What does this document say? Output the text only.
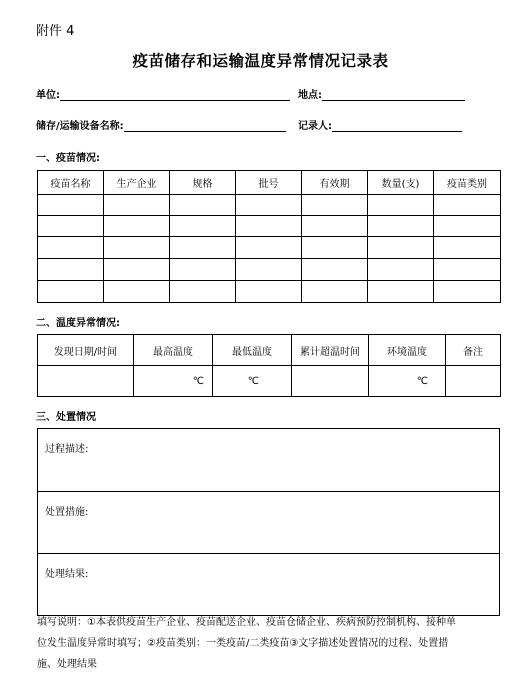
附件 4
疫苗储存和运输温度异常情况记录表
单位:	地点:
储存/运输设备名称:	记录人:
一、疫苗情况:
疫苗名称	生产企业	规格	批号	有效期	数量(支)	疫苗类别

二、温度异常情况:
发现日期/时间	最高温度	最低温度	累计超温时间	环境温度	备注
	℃	℃		℃	
三、处置情况
过程描述:
处置措施:
处理结果:
填写说明：①本表供疫苗生产企业、疫苗配送企业、疫苗仓储企业、疾病预防控制机构、接种单
位发生温度异常时填写；②疫苗类别：一类疫苗/二类疫苗③文字描述处置情况的过程、处置措
施、处理结果
